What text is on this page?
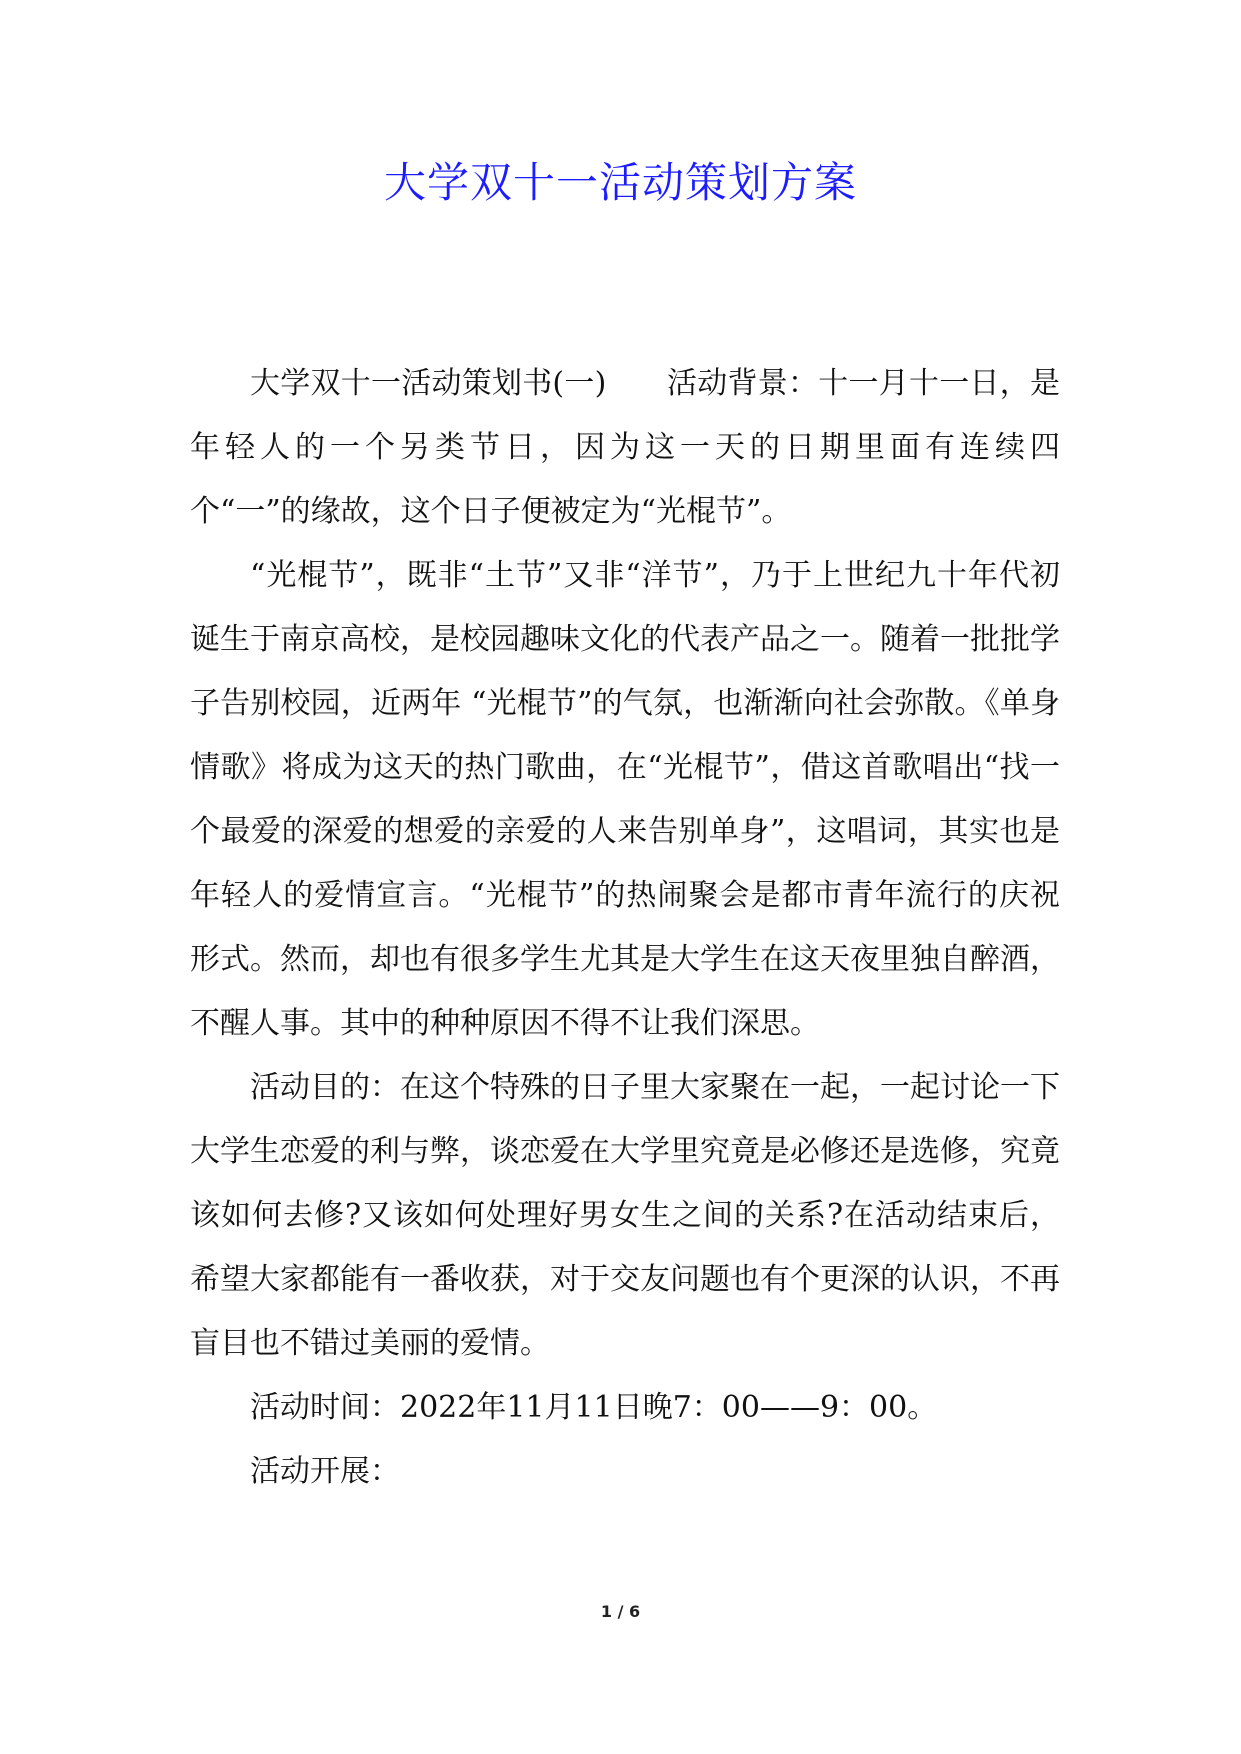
大学双十一活动策划方案

大学双十一活动策划书(一)　　活动背景：十一月十一日，是年轻人的一个另类节日，因为这一天的日期里面有连续四个“一”的缘故，这个日子便被定为“光棍节”。

“光棍节”，既非“土节”又非“洋节”，乃于上世纪九十年代初诞生于南京高校，是校园趣味文化的代表产品之一。随着一批批学子告别校园，近两年 “光棍节”的气氛，也渐渐向社会弥散。《单身情歌》将成为这天的热门歌曲，在“光棍节”，借这首歌唱出“找一个最爱的深爱的想爱的亲爱的人来告别单身”，这唱词，其实也是年轻人的爱情宣言。“光棍节”的热闹聚会是都市青年流行的庆祝形式。然而，却也有很多学生尤其是大学生在这天夜里独自醉酒，不醒人事。其中的种种原因不得不让我们深思。

活动目的：在这个特殊的日子里大家聚在一起，一起讨论一下大学生恋爱的利与弊，谈恋爱在大学里究竟是必修还是选修，究竟该如何去修?又该如何处理好男女生之间的关系?在活动结束后，希望大家都能有一番收获，对于交友问题也有个更深的认识，不再盲目也不错过美丽的爱情。

活动时间：2022年11月11日晚7：00——9：00。

活动开展：

1 / 6
